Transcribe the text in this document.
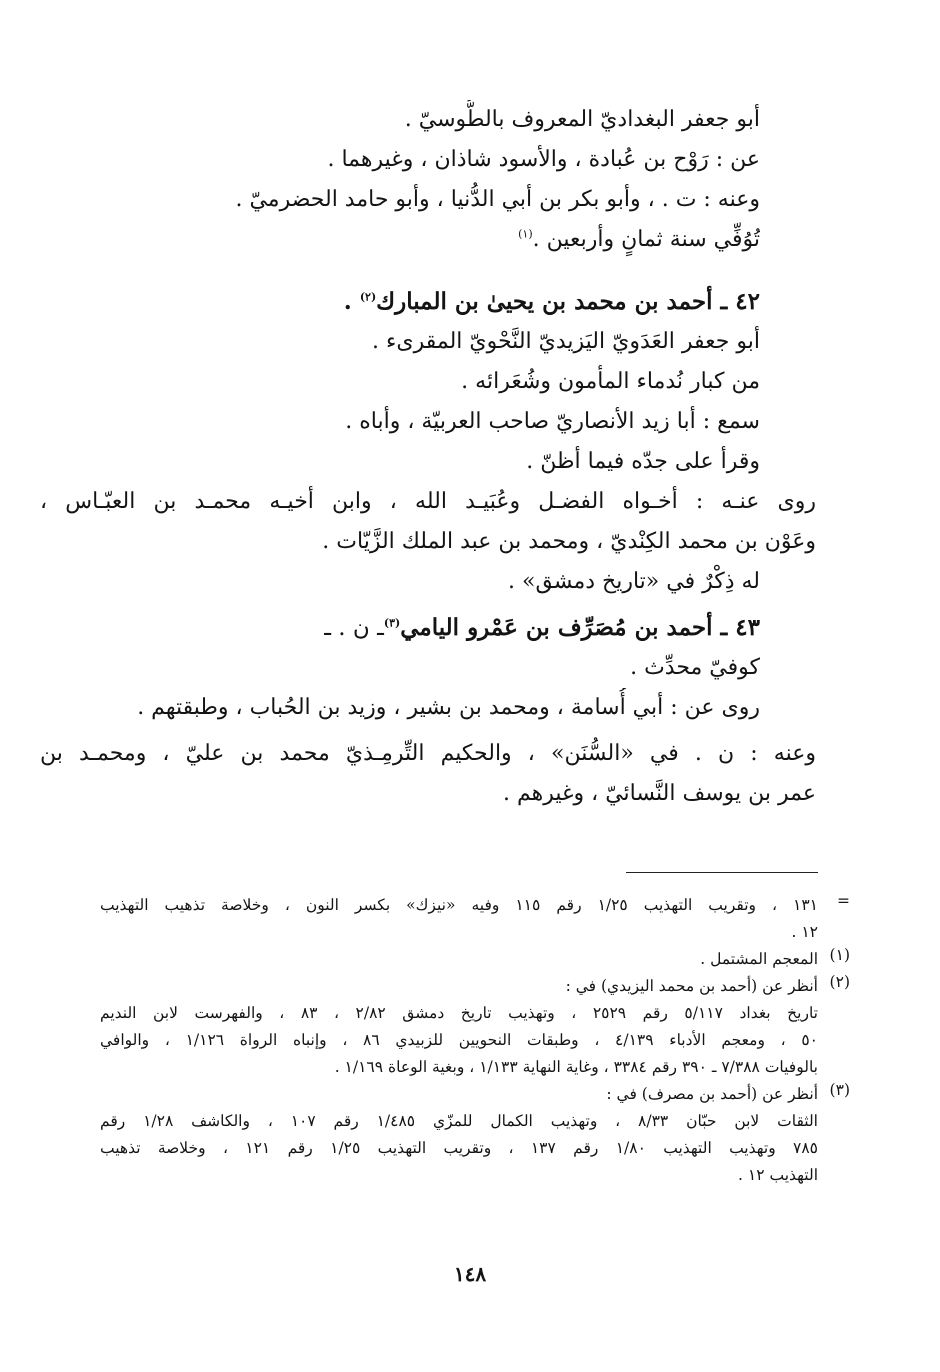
أبو جعفر البغداديّ المعروف بالطُّوسيّ .
عن : رَوْح بن عُبادة ، والأسود شاذان ، وغيرهما .
وعنه : ت . ، وأبو بكر بن أبي الدُّنيا ، وأبو حامد الحضرميّ .
تُوُفِّي سنة ثمانٍ وأربعين .$^{(١)}$
٤٢ ـ أحمد بن محمد بن يحيىٰ بن المبارك$^{(٢)}$ .
أبو جعفر العَدَويّ اليَزيديّ النَّحْويّ المقرىء .
من كبار نُدماء المأمون وشُعَرائه .
سمع : أبا زيد الأنصاريّ صاحب العربيّة ، وأباه .
وقرأ على جدّه فيما أظنّ .
روى عنـه : أخـواه الفضـل وعُبَيـد الله ، وابن أخيـه محمـد بن العبّـاس ،
وعَوْن بن محمد الكِنْديّ ، ومحمد بن عبد الملك الزَّيّات .
له ذِكْرٌ في «تاريخ دمشق» .
٤٣ ـ أحمد بن مُصَرِّف بن عَمْرو اليامي$^{(٣)}$ـ ن . ـ
كوفيّ محدِّث .
روى عن : أبي أُسامة ، ومحمد بن بشير ، وزيد بن الحُباب ، وطبقتهم .
وعنه : ن . في «السُّنَن» ، والحكيم التِّرمِـذيّ محمد بن عليّ ، ومحمـد بن
عمر بن يوسف النَّسائيّ ، وغيرهم .
=
١٣١ ، وتقريب التهذيب ١/٢٥ رقم ١١٥ وفيه «نيزك» بكسر النون ، وخلاصة تذهيب التهذيب
١٢ .
(١)
المعجم المشتمل .
(٢)
أنظر عن (أحمد بن محمد اليزيدي) في :
تاريخ بغداد ٥/١١٧ رقم ٢٥٢٩ ، وتهذيب تاريخ دمشق ٢/٨٢ ، ٨٣ ، والفهرست لابن النديم
٥٠ ، ومعجم الأدباء ٤/١٣٩ ، وطبقات النحويين للزبيدي ٨٦ ، وإنباه الرواة ١/١٢٦ ، والوافي
بالوفيات ٧/٣٨٨ ـ ٣٩٠ رقم ٣٣٨٤ ، وغاية النهاية ١/١٣٣ ، وبغية الوعاة ١/١٦٩ .
(٣)
أنظر عن (أحمد بن مصرف) في :
الثقات لابن حبّان ٨/٣٣ ، وتهذيب الكمال للمزّي ١/٤٨٥ رقم ١٠٧ ، والكاشف ١/٢٨ رقم
٧٨٥ وتهذيب التهذيب ١/٨٠ رقم ١٣٧ ، وتقريب التهذيب ١/٢٥ رقم ١٢١ ، وخلاصة تذهيب
التهذيب ١٢ .
١٤٨
